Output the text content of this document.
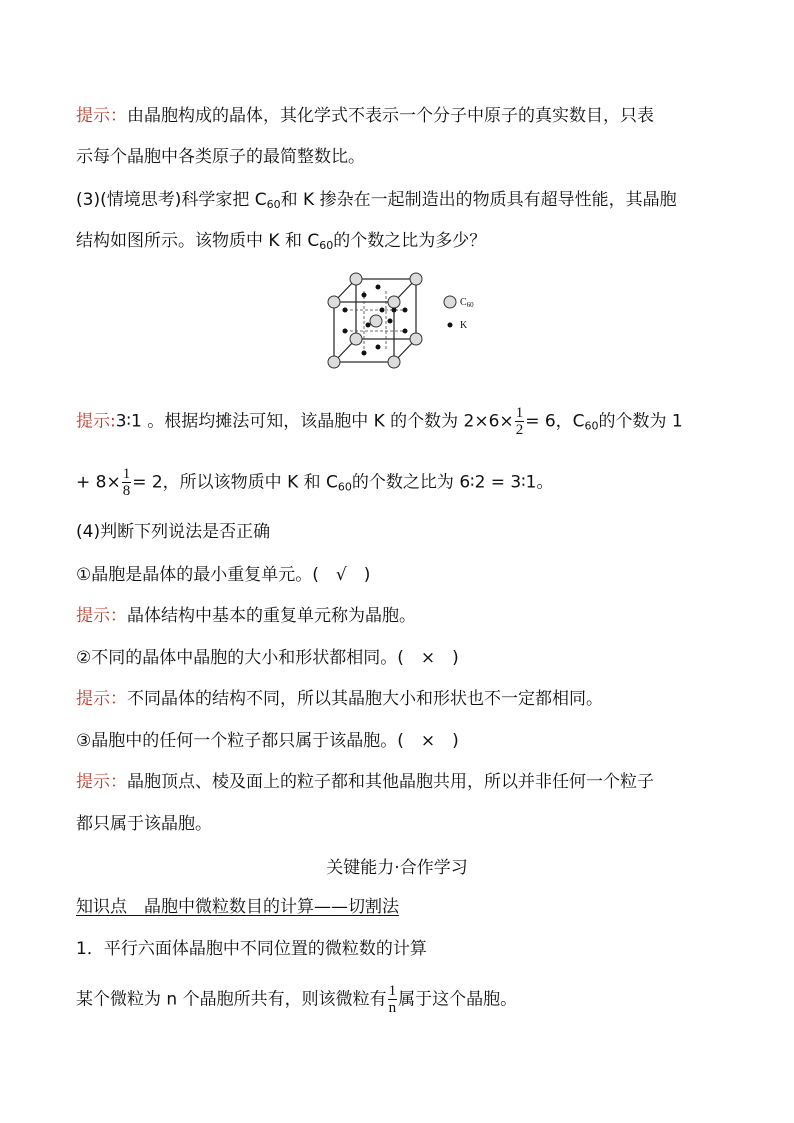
提示：由晶胞构成的晶体，其化学式不表示一个分子中原子的真实数目，只表
示每个晶胞中各类原子的最简整数比。
(3)(情境思考)科学家把 $C_{60}$和 K 掺杂在一起制造出的物质具有超导性能，其晶胞
结构如图所示。该物质中 K 和 $C_{60}$的个数之比为多少？
$C_{60}$
K
提示:3∶1 。根据均摊法可知，该晶胞中 K 的个数为 $2\times 6\times \frac{1}{2} = 6$，$C_{60}$的个数为 1
+ $8\times \frac{1}{8} = 2$，所以该物质中 K 和 $C_{60}$的个数之比为 6∶2 = 3∶1。
(4)判断下列说法是否正确
①晶胞是晶体的最小重复单元。(　√　)
提示：晶体结构中基本的重复单元称为晶胞。
②不同的晶体中晶胞的大小和形状都相同。(　×　)
提示：不同晶体的结构不同，所以其晶胞大小和形状也不一定都相同。
③晶胞中的任何一个粒子都只属于该晶胞。(　×　)
提示：晶胞顶点、棱及面上的粒子都和其他晶胞共用，所以并非任何一个粒子
都只属于该晶胞。
关键能力·合作学习
知识点　晶胞中微粒数目的计算——切割法
1．平行六面体晶胞中不同位置的微粒数的计算
某个微粒为 n 个晶胞所共有，则该微粒有 $\frac{1}{n}$ 属于这个晶胞。
